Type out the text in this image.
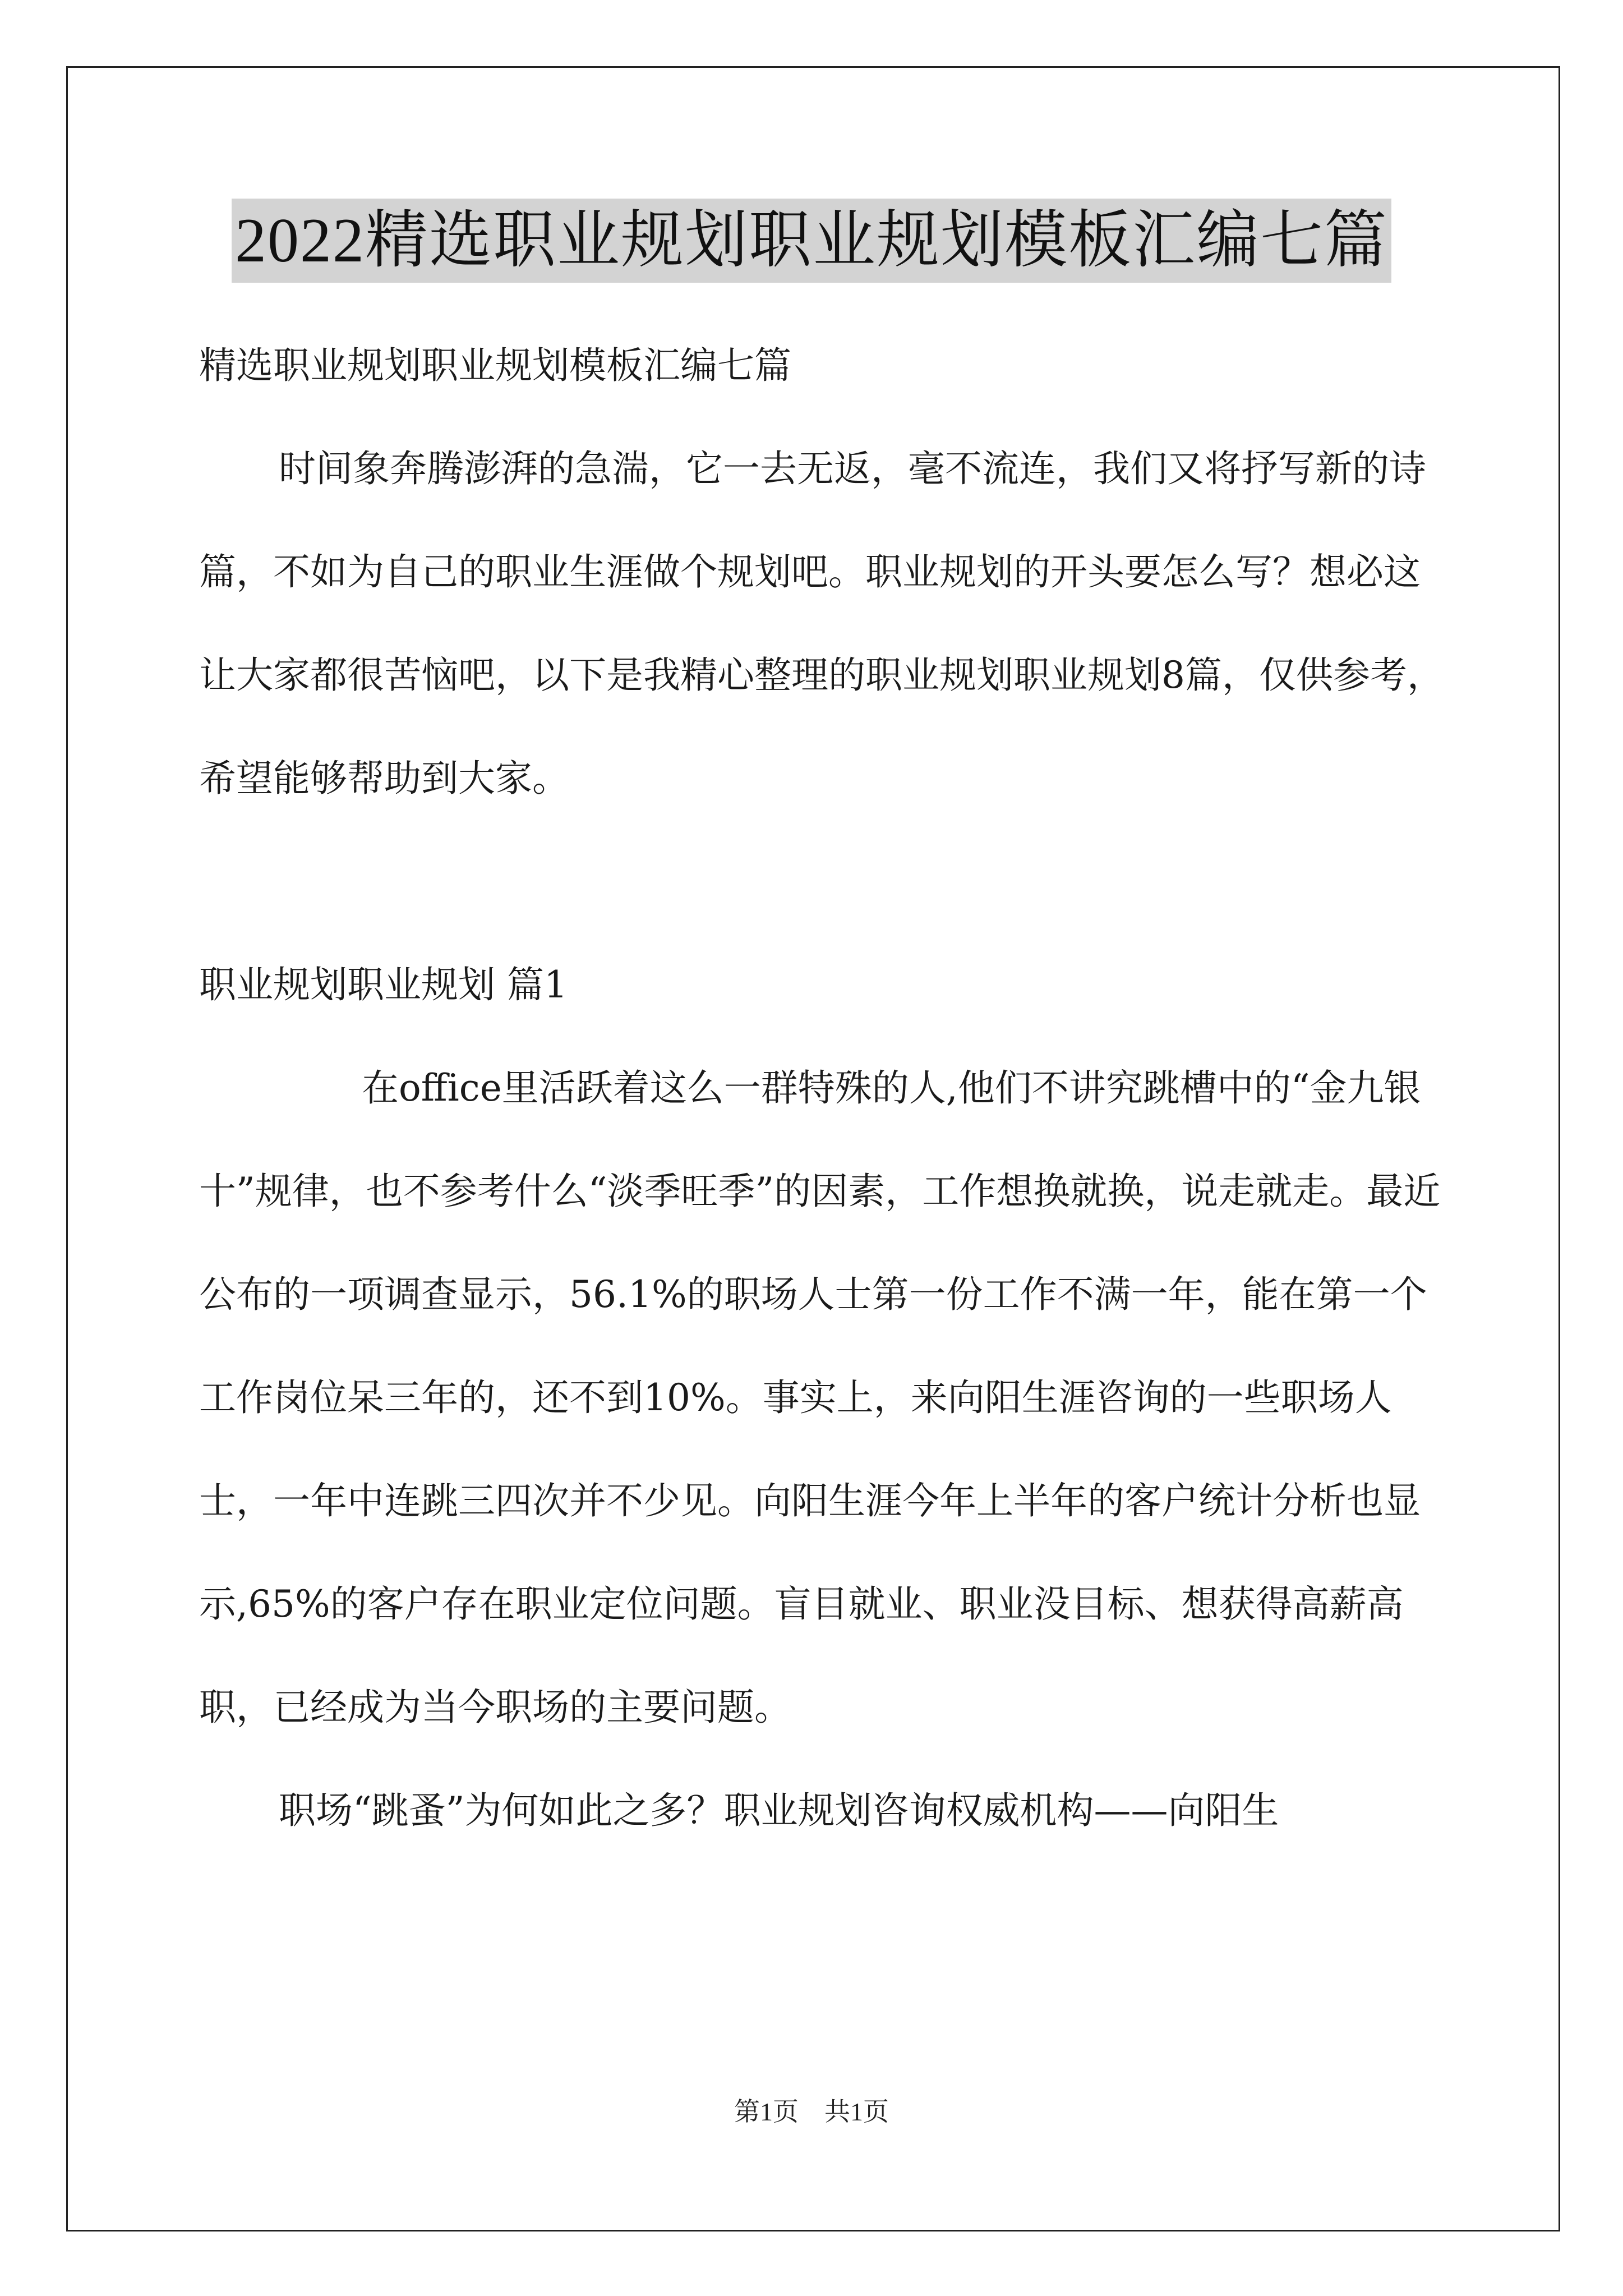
2022精选职业规划职业规划模板汇编七篇

精选职业规划职业规划模板汇编七篇

时间象奔腾澎湃的急湍，它一去无返，毫不流连，我们又将抒写新的诗篇，不如为自己的职业生涯做个规划吧。职业规划的开头要怎么写？想必这让大家都很苦恼吧，以下是我精心整理的职业规划职业规划8篇，仅供参考，希望能够帮助到大家。

职业规划职业规划 篇1

在office里活跃着这么一群特殊的人,他们不讲究跳槽中的“金九银十”规律，也不参考什么“淡季旺季”的因素，工作想换就换，说走就走。最近公布的一项调查显示，56.1%的职场人士第一份工作不满一年，能在第一个工作岗位呆三年的，还不到10%。事实上，来向阳生涯咨询的一些职场人士，一年中连跳三四次并不少见。向阳生涯今年上半年的客户统计分析也显示,65%的客户存在职业定位问题。盲目就业、职业没目标、想获得高薪高职，已经成为当今职场的主要问题。

职场“跳蚤”为何如此之多？职业规划咨询权威机构——向阳生

第1页　共1页
